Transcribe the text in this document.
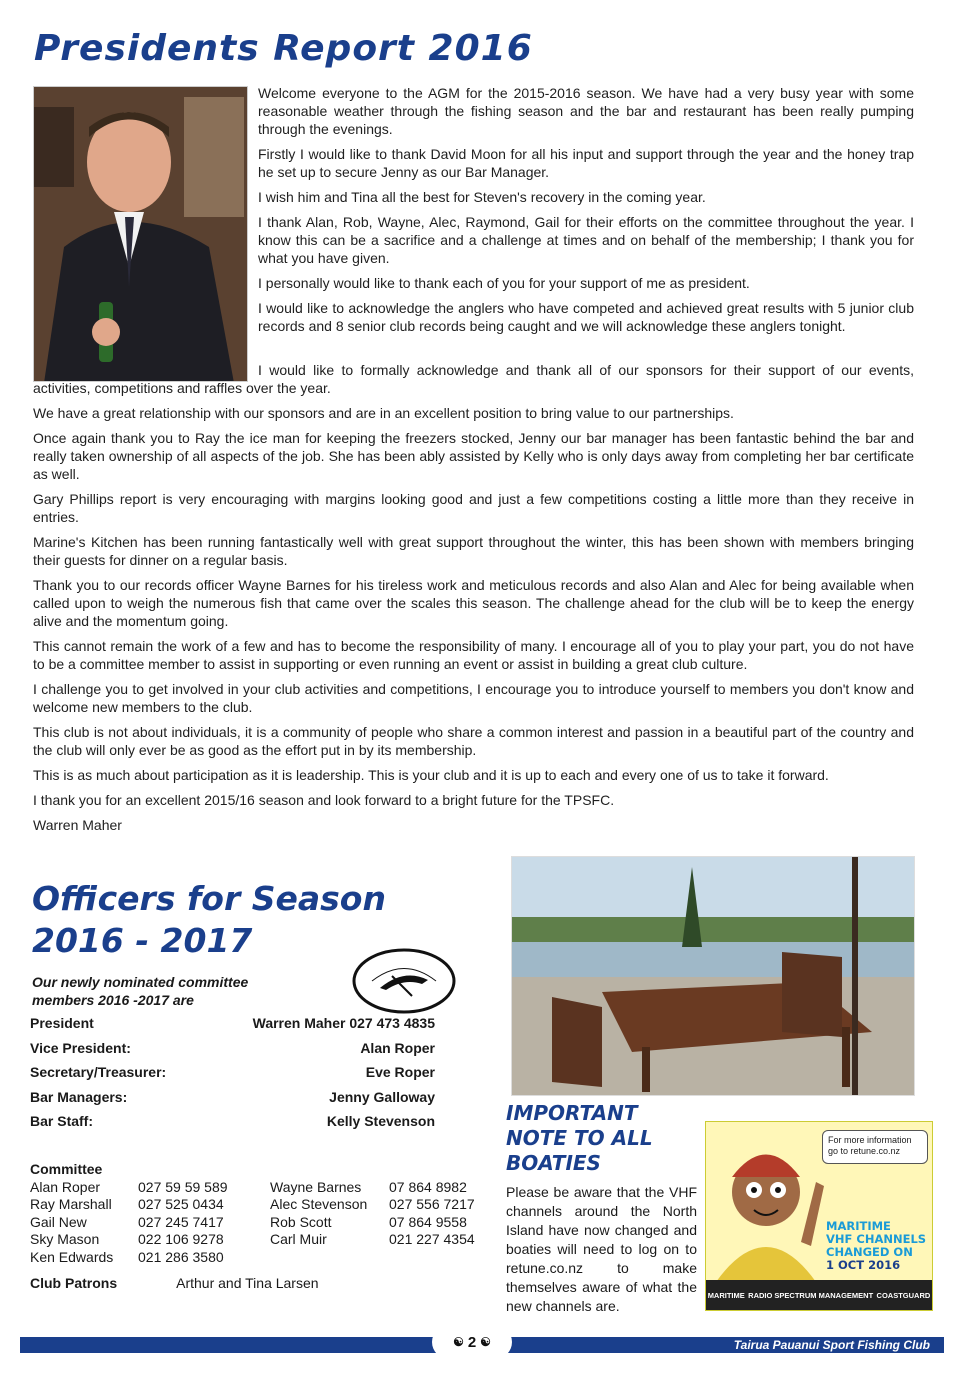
Presidents Report 2016

Welcome everyone to the AGM for the 2015-2016 season. We have had a very busy year with some reasonable weather through the fishing season and the bar and restaurant has been really pumping through the evenings.

Firstly I would like to thank David Moon for all his input and support through the year and the honey trap he set up to secure Jenny as our Bar Manager.

I wish him and Tina all the best for Steven's recovery in the coming year.

I thank Alan, Rob, Wayne, Alec, Raymond, Gail for their efforts on the committee throughout the year. I know this can be a sacrifice and a challenge at times and on behalf of the membership; I thank you for what you have given.

I personally would like to thank each of you for your support of me as president.

I would like to acknowledge the anglers who have competed and achieved great results with 5 junior club records and 8 senior club records being caught and we will acknowledge these anglers tonight.

I would like to formally acknowledge and thank all of our sponsors for their support of our events, activities, competitions and raffles over the year.

We have a great relationship with our sponsors and are in an excellent position to bring value to our partnerships.

Once again thank you to Ray the ice man for keeping the freezers stocked, Jenny our bar manager has been fantastic behind the bar and really taken ownership of all aspects of the job. She has been ably assisted by Kelly who is only days away from completing her bar certificate as well.

Gary Phillips report is very encouraging with margins looking good and just a few competitions costing a little more than they receive in entries.

Marine's Kitchen has been running fantastically well with great support throughout the winter, this has been shown with members bringing their guests for dinner on a regular basis.

Thank you to our records officer Wayne Barnes for his tireless work and meticulous records and also Alan and Alec for being available when called upon to weigh the numerous fish that came over the scales this season. The challenge ahead for the club will be to keep the energy alive and the momentum going.

This cannot remain the work of a few and has to become the responsibility of many. I encourage all of you to play your part, you do not have to be a committee member to assist in supporting or even running an event or assist in building a great club culture.

I challenge you to get involved in your club activities and competitions, I encourage you to introduce yourself to members you don't know and welcome new members to the club.

This club is not about individuals, it is a community of people who share a common interest and passion in a beautiful part of the country and the club will only ever be as good as the effort put in by its membership.

This is as much about participation as it is leadership. This is your club and it is up to each and every one of us to take it forward.

I thank you for an excellent 2015/16 season and look forward to a bright future for the TPSFC.

Warren Maher

Officers for Season
2016 - 2017
Our newly nominated committee members 2016 -2017 are
President	Warren Maher 027 473 4835
Vice President:	Alan Roper
Secretary/Treasurer:	Eve Roper
Bar Managers:	Jenny Galloway
Bar Staff:	Kelly Stevenson
Committee
Alan Roper	027 59 59 589	Wayne Barnes	07 864 8982
Ray Marshall	027 525 0434	Alec Stevenson	027 556 7217
Gail New	027 245 7417	Rob Scott	07 864 9558
Sky Mason	022 106 9278	Carl Muir	021 227 4354
Ken Edwards	021 286 3580
Club Patrons	Arthur and Tina Larsen
IMPORTANT
NOTE TO ALL
BOATIES

Please be aware that the VHF channels around the North Island have now changed and boaties will need to log on to retune.co.nz to make themselves aware of what the new channels are.

For more information go to retune.co.nz
MARITIME
VHF CHANNELS
CHANGED ON
1 OCT 2016
MARITIME RADIO SPECTRUM MANAGEMENT COASTGUARD
Tairua Pauanui Sport Fishing Club
☯ 2 ☯
